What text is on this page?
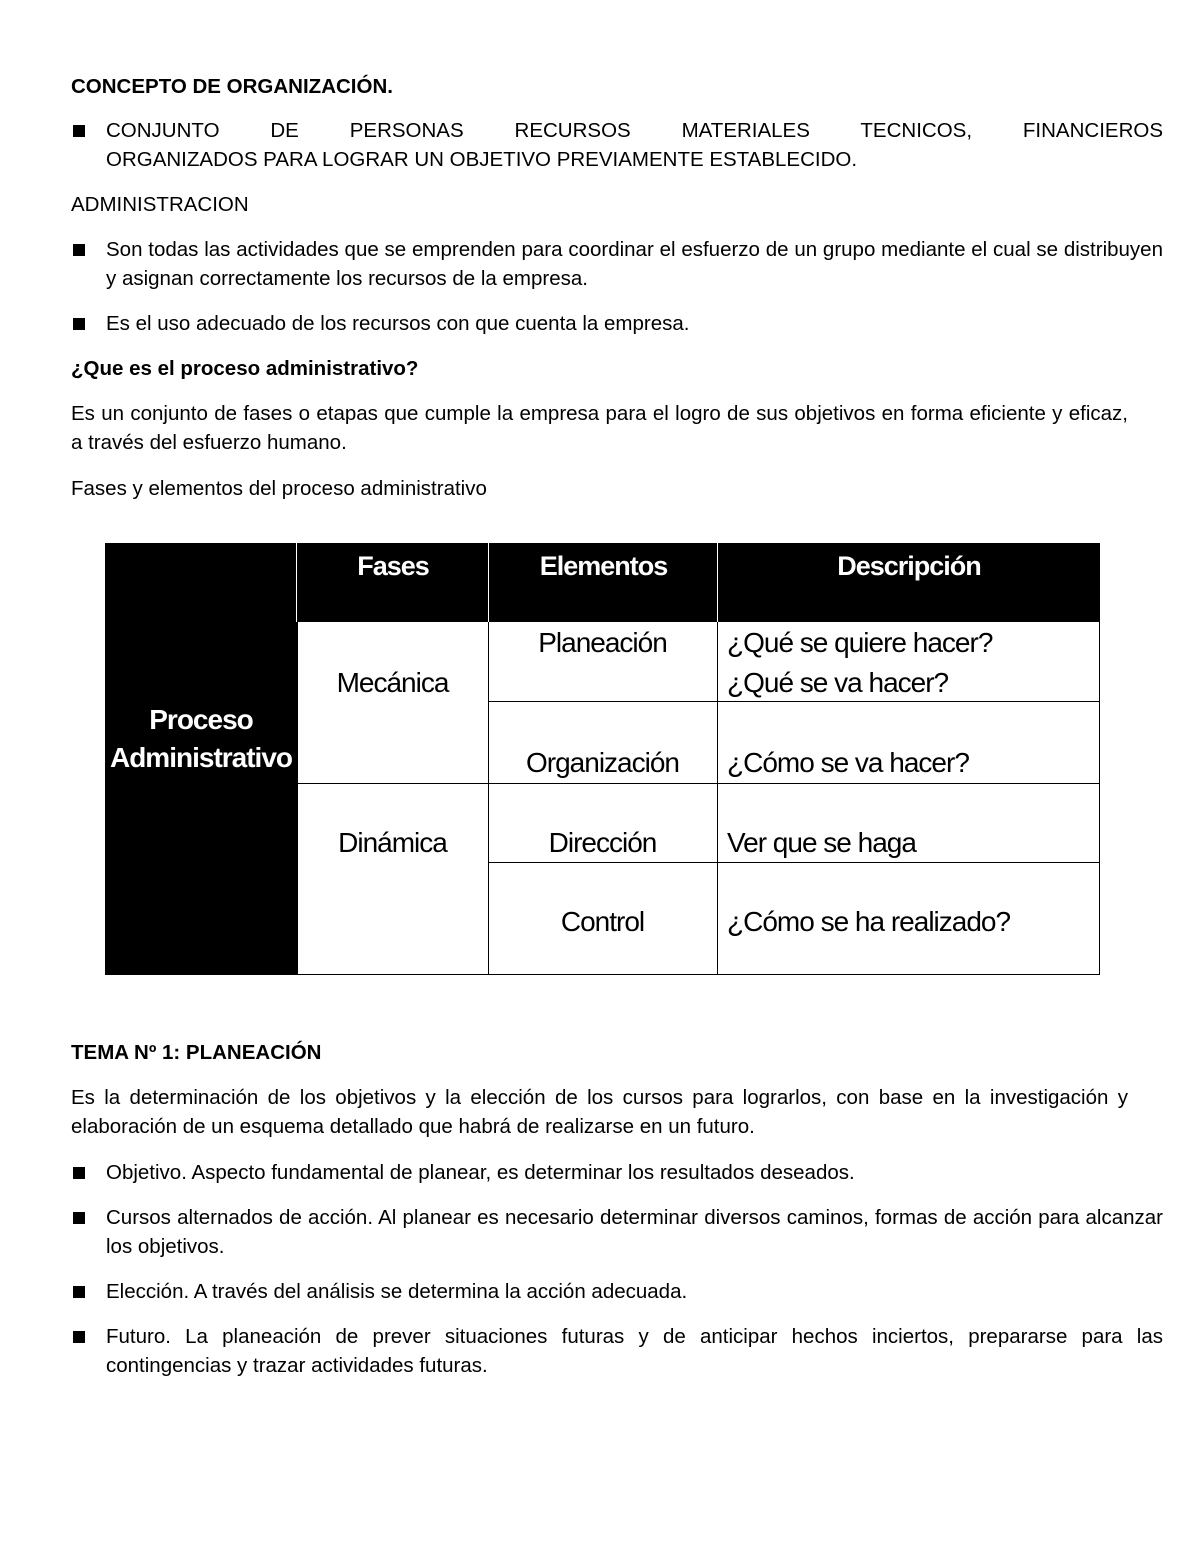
CONCEPTO DE ORGANIZACIÓN.
CONJUNTO DE PERSONAS RECURSOS MATERIALES TECNICOS, FINANCIEROS
ORGANIZADOS PARA LOGRAR UN OBJETIVO PREVIAMENTE ESTABLECIDO.
ADMINISTRACION
Son todas las actividades que se emprenden para coordinar el esfuerzo de un grupo mediante el cual se distribuyen y asignan correctamente los recursos de la empresa.
Es el uso adecuado de los recursos con que cuenta la empresa.
¿Que es el proceso administrativo?
Es un conjunto de fases o etapas que cumple la empresa para el logro de sus objetivos en forma eficiente y eficaz, a través del esfuerzo humano.
Fases y elementos del proceso administrativo
TEMA Nº 1: PLANEACIÓN
Es la determinación de los objetivos y la elección de los cursos para lograrlos, con base en la investigación y elaboración de un esquema detallado que habrá de realizarse en un futuro.
Objetivo. Aspecto fundamental de planear, es determinar los resultados deseados.
Cursos alternados de acción. Al planear es necesario determinar diversos caminos, formas de acción para alcanzar los objetivos.
Elección. A través del análisis se determina la acción adecuada.
Futuro. La planeación de prever situaciones futuras y de anticipar hechos inciertos, prepararse para las contingencias y trazar actividades futuras.
Fases	Elementos	Descripción
Proceso
Administrativo
Mecánica
Dinámica
Planeación
Organización
Dirección
Control
¿Qué se quiere hacer?
¿Qué se va hacer?
¿Cómo se va hacer?
Ver que se haga
¿Cómo se ha realizado?
